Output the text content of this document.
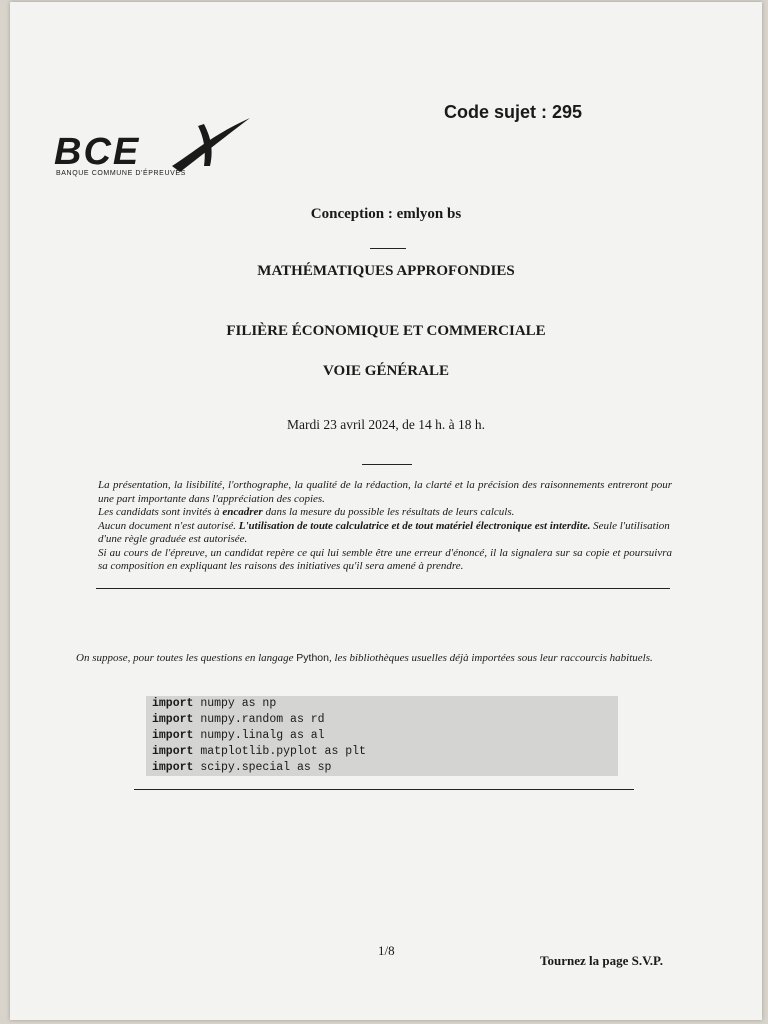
Code sujet : 295
BCE
BANQUE COMMUNE D'ÉPREUVES
Conception : emlyon bs
MATHÉMATIQUES APPROFONDIES
FILIÈRE ÉCONOMIQUE ET COMMERCIALE
VOIE GÉNÉRALE
Mardi 23 avril 2024, de 14 h. à 18 h.

La présentation, la lisibilité, l'orthographe, la qualité de la rédaction, la clarté et la précision des raisonnements entreront pour une part importante dans l'appréciation des copies.

Les candidats sont invités à encadrer dans la mesure du possible les résultats de leurs calculs.

Aucun document n'est autorisé. L'utilisation de toute calculatrice et de tout matériel électronique est interdite. Seule l'utilisation d'une règle graduée est autorisée.

Si au cours de l'épreuve, un candidat repère ce qui lui semble être une erreur d'énoncé, il la signalera sur sa copie et poursuivra sa composition en expliquant les raisons des initiatives qu'il sera amené à prendre.

On suppose, pour toutes les questions en langage Python, les bibliothèques usuelles déjà importées sous leur raccourcis habituels.
import numpy as np
import numpy.random as rd
import numpy.linalg as al
import matplotlib.pyplot as plt
import scipy.special as sp
1/8
Tournez la page S.V.P.
